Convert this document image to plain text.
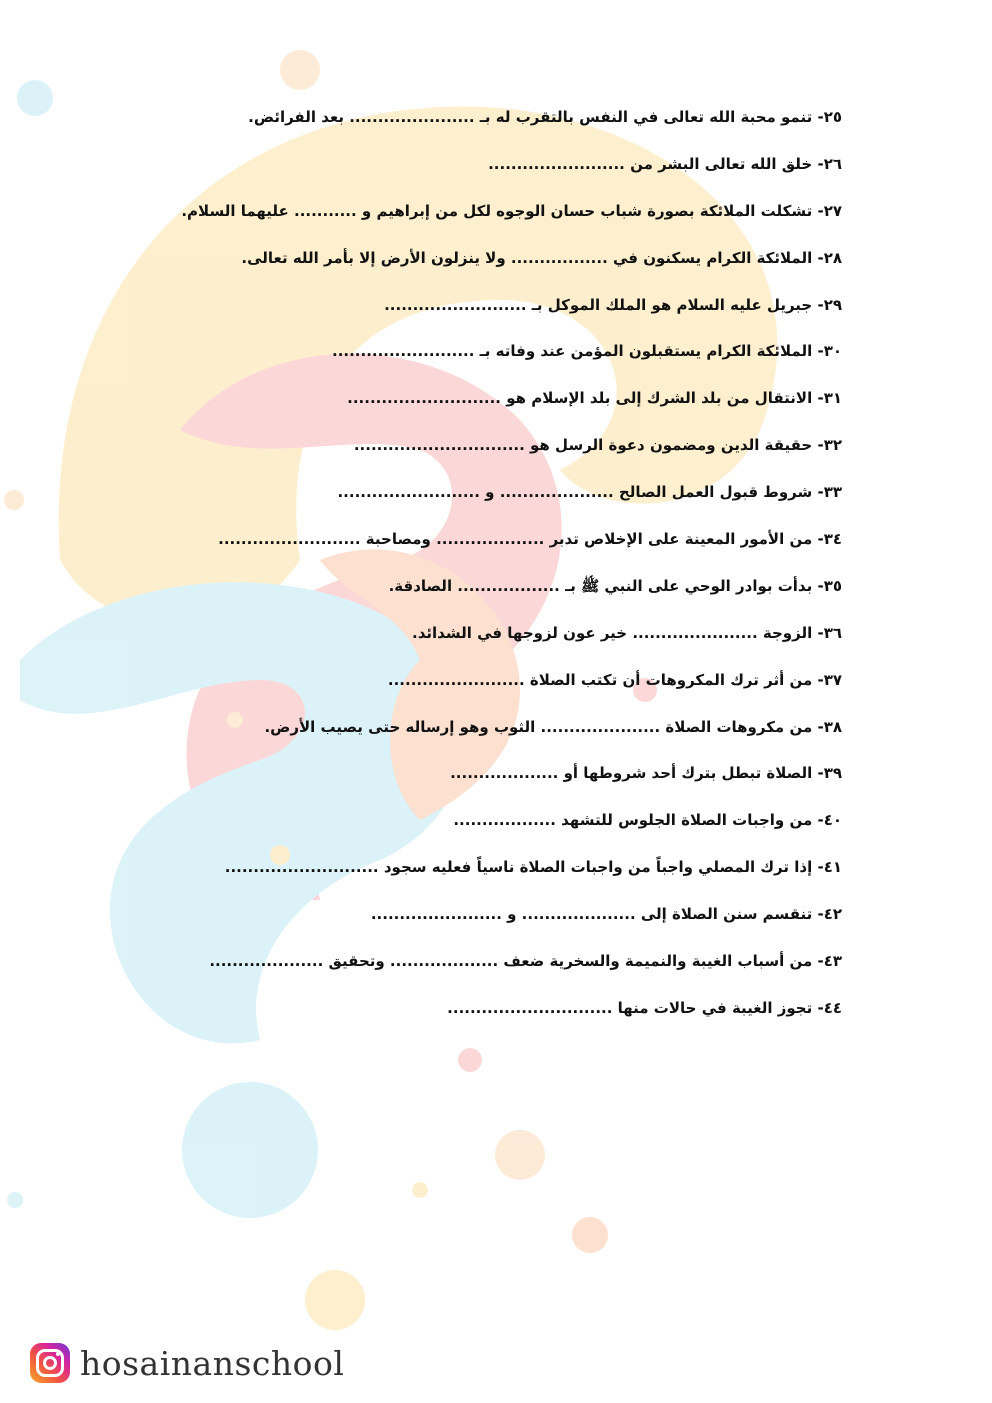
٢٥- تنمو محبة الله تعالى في النفس بالتقرب له بـ ...................... بعد الفرائض.
٢٦- خلق الله تعالى البشر من ........................
٢٧- تشكلت الملائكة بصورة شباب حسان الوجوه لكل من إبراهيم و ........... عليهما السلام.
٢٨- الملائكة الكرام يسكنون في ................. ولا ينزلون الأرض إلا بأمر الله تعالى.
٢٩- جبريل عليه السلام هو الملك الموكل بـ .........................
٣٠- الملائكة الكرام يستقبلون المؤمن عند وفاته بـ .........................
٣١- الانتقال من بلد الشرك إلى بلد الإسلام هو ...........................
٣٢- حقيقة الدين ومضمون دعوة الرسل هو ..............................
٣٣- شروط قبول العمل الصالح .................... و .........................
٣٤- من الأمور المعينة على الإخلاص تدبر ................... ومصاحبة .........................
٣٥- بدأت بوادر الوحي على النبي ﷺ بـ .................. الصادقة.
٣٦- الزوجة ...................... خير عون لزوجها في الشدائد.
٣٧- من أثر ترك المكروهات أن تكتب الصلاة ........................
٣٨- من مكروهات الصلاة ..................... الثوب وهو إرساله حتى يصيب الأرض.
٣٩- الصلاة تبطل بترك أحد شروطها أو ...................
٤٠- من واجبات الصلاة الجلوس للتشهد ..................
٤١- إذا ترك المصلي واجباً من واجبات الصلاة ناسياً فعليه سجود ...........................
٤٢- تنقسم سنن الصلاة إلى .................... و .......................
٤٣- من أسباب الغيبة والنميمة والسخرية ضعف ................... وتحقيق ....................
٤٤- تجوز الغيبة في حالات منها .............................
hosainanschool
